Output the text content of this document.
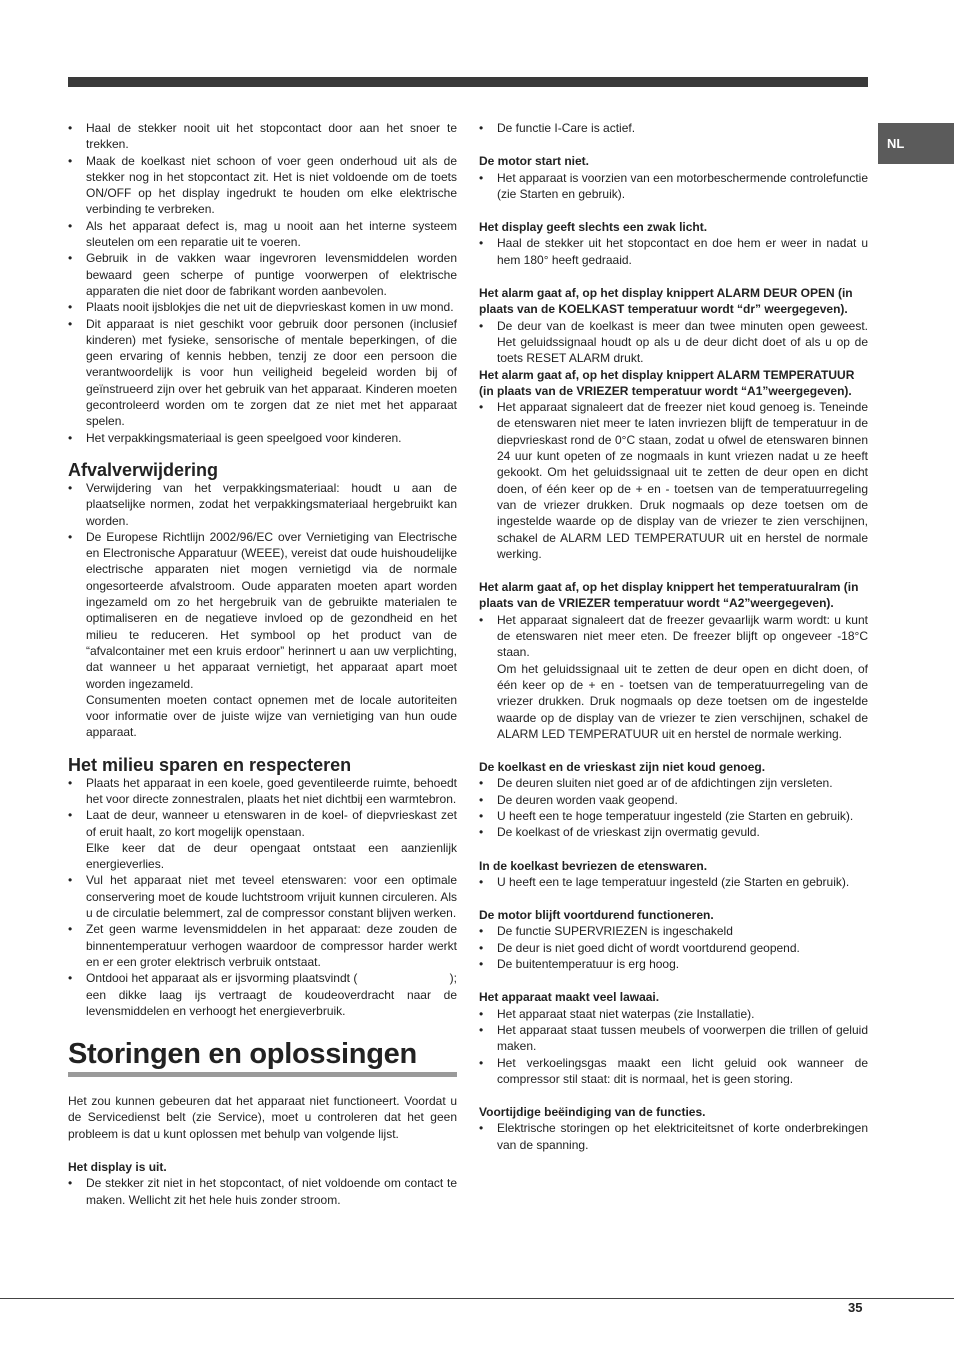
NL
• Haal de stekker nooit uit het stopcontact door aan het snoer te trekken.
• Maak de koelkast niet schoon of voer geen onderhoud uit als de stekker nog in het stopcontact zit. Het is niet voldoende om de toets ON/OFF op het display ingedrukt te houden om elke elektrische verbinding te verbreken.
• Als het apparaat defect is, mag u nooit aan het interne systeem sleutelen om een reparatie uit te voeren.
• Gebruik in de vakken waar ingevroren levensmiddelen worden bewaard geen scherpe of puntige voorwerpen of elektrische apparaten die niet door de fabrikant worden aanbevolen.
• Plaats nooit ijsblokjes die net uit de diepvrieskast komen in uw mond.
• Dit apparaat is niet geschikt voor gebruik door personen (inclusief kinderen) met fysieke, sensorische of mentale beperkingen, of die geen ervaring of kennis hebben, tenzij ze door een persoon die verantwoordelijk is voor hun veiligheid begeleid worden bij of geïnstrueerd zijn over het gebruik van het apparaat. Kinderen moeten gecontroleerd worden om te zorgen dat ze niet met het apparaat spelen.
• Het verpakkingsmateriaal is geen speelgoed voor kinderen.
Afvalverwijdering
• Verwijdering van het verpakkingsmateriaal: houdt u aan de plaatselijke normen, zodat het verpakkingsmateriaal hergebruikt kan worden.
• De Europese Richtlijn 2002/96/EC over Vernietiging van Electrische en Electronische Apparatuur (WEEE), vereist dat oude huishoudelijke electrische apparaten niet mogen vernietigd via de normale ongesorteerde afvalstroom. Oude apparaten moeten apart worden ingezameld om zo het hergebruik van de gebruikte materialen te optimaliseren en de negatieve invloed op de gezondheid en het milieu te reduceren. Het symbool op het product van de “afvalcontainer met een kruis erdoor” herinnert u aan uw verplichting, dat wanneer u het apparaat vernietigt, het apparaat apart moet worden ingezameld.
Consumenten moeten contact opnemen met de locale autoriteiten voor informatie over de juiste wijze van vernietiging van hun oude apparaat.
Het milieu sparen en respecteren
• Plaats het apparaat in een koele, goed geventileerde ruimte, behoedt het voor directe zonnestralen, plaats het niet dichtbij een warmtebron.
• Laat de deur, wanneer u etenswaren in de koel- of diepvrieskast zet of eruit haalt, zo kort mogelijk openstaan.
Elke keer dat de deur opengaat ontstaat een aanzienlijk energieverlies.
• Vul het apparaat niet met teveel etenswaren: voor een optimale conservering moet de koude luchtstroom vrijuit kunnen circuleren. Als u de circulatie belemmert, zal de compressor constant blijven werken.
• Zet geen warme levensmiddelen in het apparaat: deze zouden de binnentemperatuur verhogen waardoor de compressor harder werkt en er een groter elektrisch verbruik ontstaat.
• Ontdooi het apparaat als er ijsvorming plaatsvindt (                           ); een dikke laag ijs vertraagt de koudeoverdracht naar de levensmiddelen en verhoogt het energieverbruik.
Storingen en oplossingen

Het zou kunnen gebeuren dat het apparaat niet functioneert. Voordat u de Servicedienst belt (zie Service), moet u controleren dat het geen probleem is dat u kunt oplossen met behulp van volgende lijst.

Het display is uit.
• De stekker zit niet in het stopcontact, of niet voldoende om contact te maken. Wellicht zit het hele huis zonder stroom.
• De functie I-Care is actief.
De motor start niet.
• Het apparaat is voorzien van een motorbeschermende controlefunctie (zie Starten en gebruik).
Het display geeft slechts een zwak licht.
• Haal de stekker uit het stopcontact en doe hem er weer in nadat u hem 180° heeft gedraaid.
Het alarm gaat af, op het display knippert ALARM DEUR OPEN (in plaats van de KOELKAST temperatuur wordt “dr” weergegeven).
• De deur van de koelkast is meer dan twee minuten open geweest. Het geluidssignaal houdt op als u de deur dicht doet of als u op de toets RESET ALARM drukt.
Het alarm gaat af, op het display knippert ALARM TEMPERATUUR (in plaats van de VRIEZER temperatuur wordt “A1”weergegeven).
• Het apparaat signaleert dat de freezer niet koud genoeg is. Teneinde de etenswaren niet meer te laten invriezen blijft de temperatuur in de diepvrieskast rond de 0°C staan, zodat u ofwel de etenswaren binnen 24 uur kunt opeten of ze nogmaals in kunt vriezen nadat u ze heeft gekookt. Om het geluidssignaal uit te zetten de deur open en dicht doen, of één keer op de + en - toetsen van de temperatuurregeling van de vriezer drukken. Druk nogmaals op deze toetsen om de ingestelde waarde op de display van de vriezer te zien verschijnen, schakel de ALARM LED TEMPERATUUR uit en herstel de normale werking.
Het alarm gaat af, op het display knippert het temperatuuralram (in plaats van de VRIEZER temperatuur wordt “A2”weergegeven).
• Het apparaat signaleert dat de freezer gevaarlijk warm wordt: u kunt de etenswaren niet meer eten. De freezer blijft op ongeveer -18°C staan.
Om het geluidssignaal uit te zetten de deur open en dicht doen, of één keer op de + en - toetsen van de temperatuurregeling van de vriezer drukken. Druk nogmaals op deze toetsen om de ingestelde waarde op de display van de vriezer te zien verschijnen, schakel de ALARM LED TEMPERATUUR uit en herstel de normale werking.
De koelkast en de vrieskast zijn niet koud genoeg.
• De deuren sluiten niet goed ar of de afdichtingen zijn versleten.
• De deuren worden vaak geopend.
• U heeft een te hoge temperatuur ingesteld (zie Starten en gebruik).
• De koelkast of de vrieskast zijn overmatig gevuld.
In de koelkast bevriezen de etenswaren.
• U heeft een te lage temperatuur ingesteld (zie Starten en gebruik).
De motor blijft voortdurend functioneren.
• De functie SUPERVRIEZEN is ingeschakeld
• De deur is niet goed dicht of wordt voortdurend geopend.
• De buitentemperatuur is erg hoog.
Het apparaat maakt veel lawaai.
• Het apparaat staat niet waterpas (zie Installatie).
• Het apparaat staat tussen meubels of voorwerpen die trillen of geluid maken.
• Het verkoelingsgas maakt een licht geluid ook wanneer de compressor stil staat: dit is normaal, het is geen storing.
Voortijdige beëindiging van de functies.
• Elektrische storingen op het elektriciteitsnet of korte onderbrekingen van de spanning.
35
